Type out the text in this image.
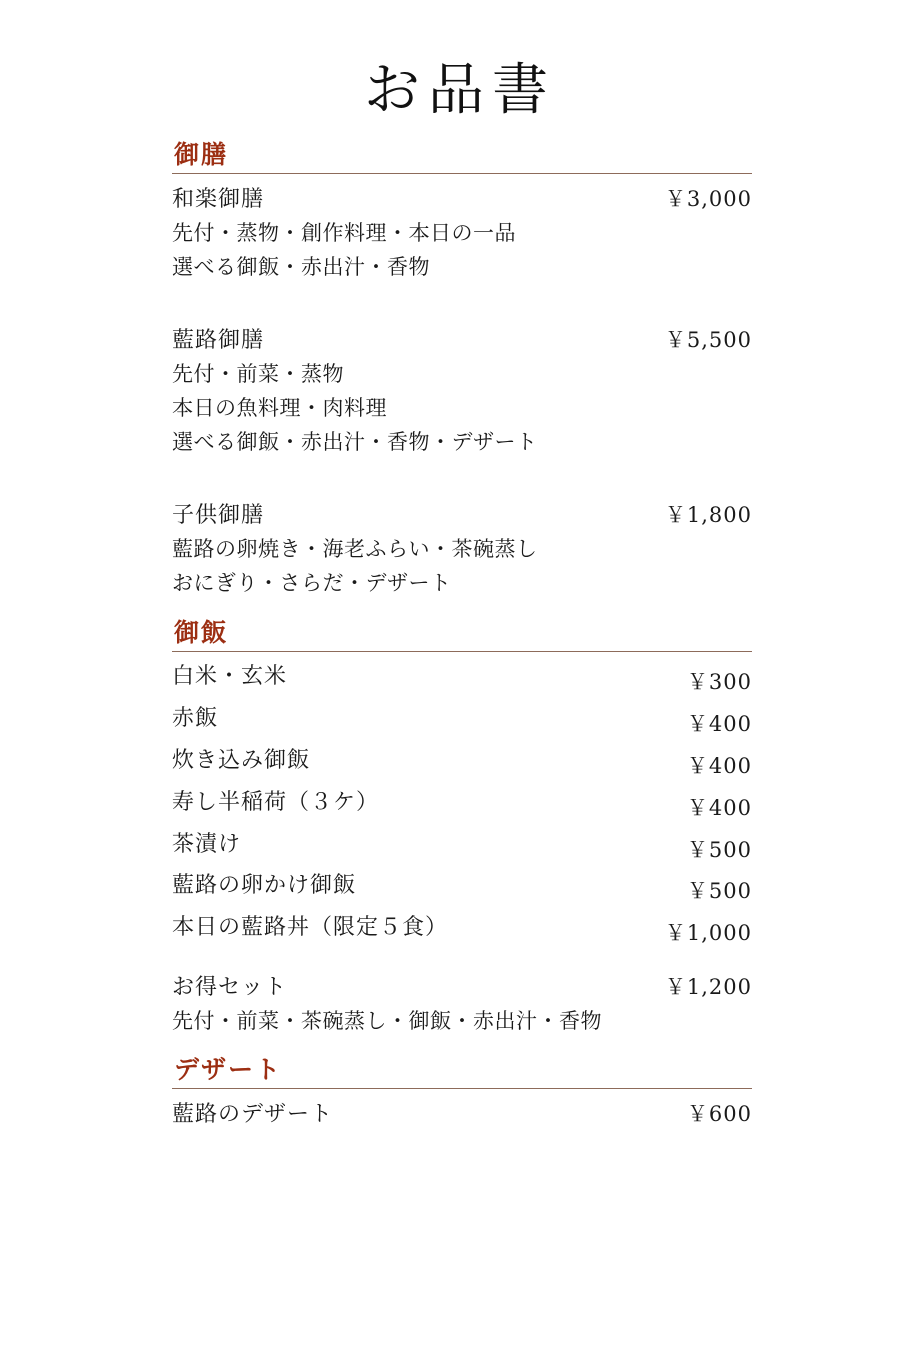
お品書
御膳
和楽御膳	￥3,000
先付・蒸物・創作料理・本日の一品
選べる御飯・赤出汁・香物
藍路御膳	￥5,500
先付・前菜・蒸物
本日の魚料理・肉料理
選べる御飯・赤出汁・香物・デザート
子供御膳	￥1,800
藍路の卵焼き・海老ふらい・茶碗蒸し
おにぎり・さらだ・デザート
御飯
白米・玄米	￥300
赤飯	￥400
炊き込み御飯	￥400
寿し半稲荷（３ケ）	￥400
茶漬け	￥500
藍路の卵かけ御飯	￥500
本日の藍路丼（限定５食）	￥1,000
お得セット	￥1,200
先付・前菜・茶碗蒸し・御飯・赤出汁・香物
デザート
藍路のデザート	￥600
